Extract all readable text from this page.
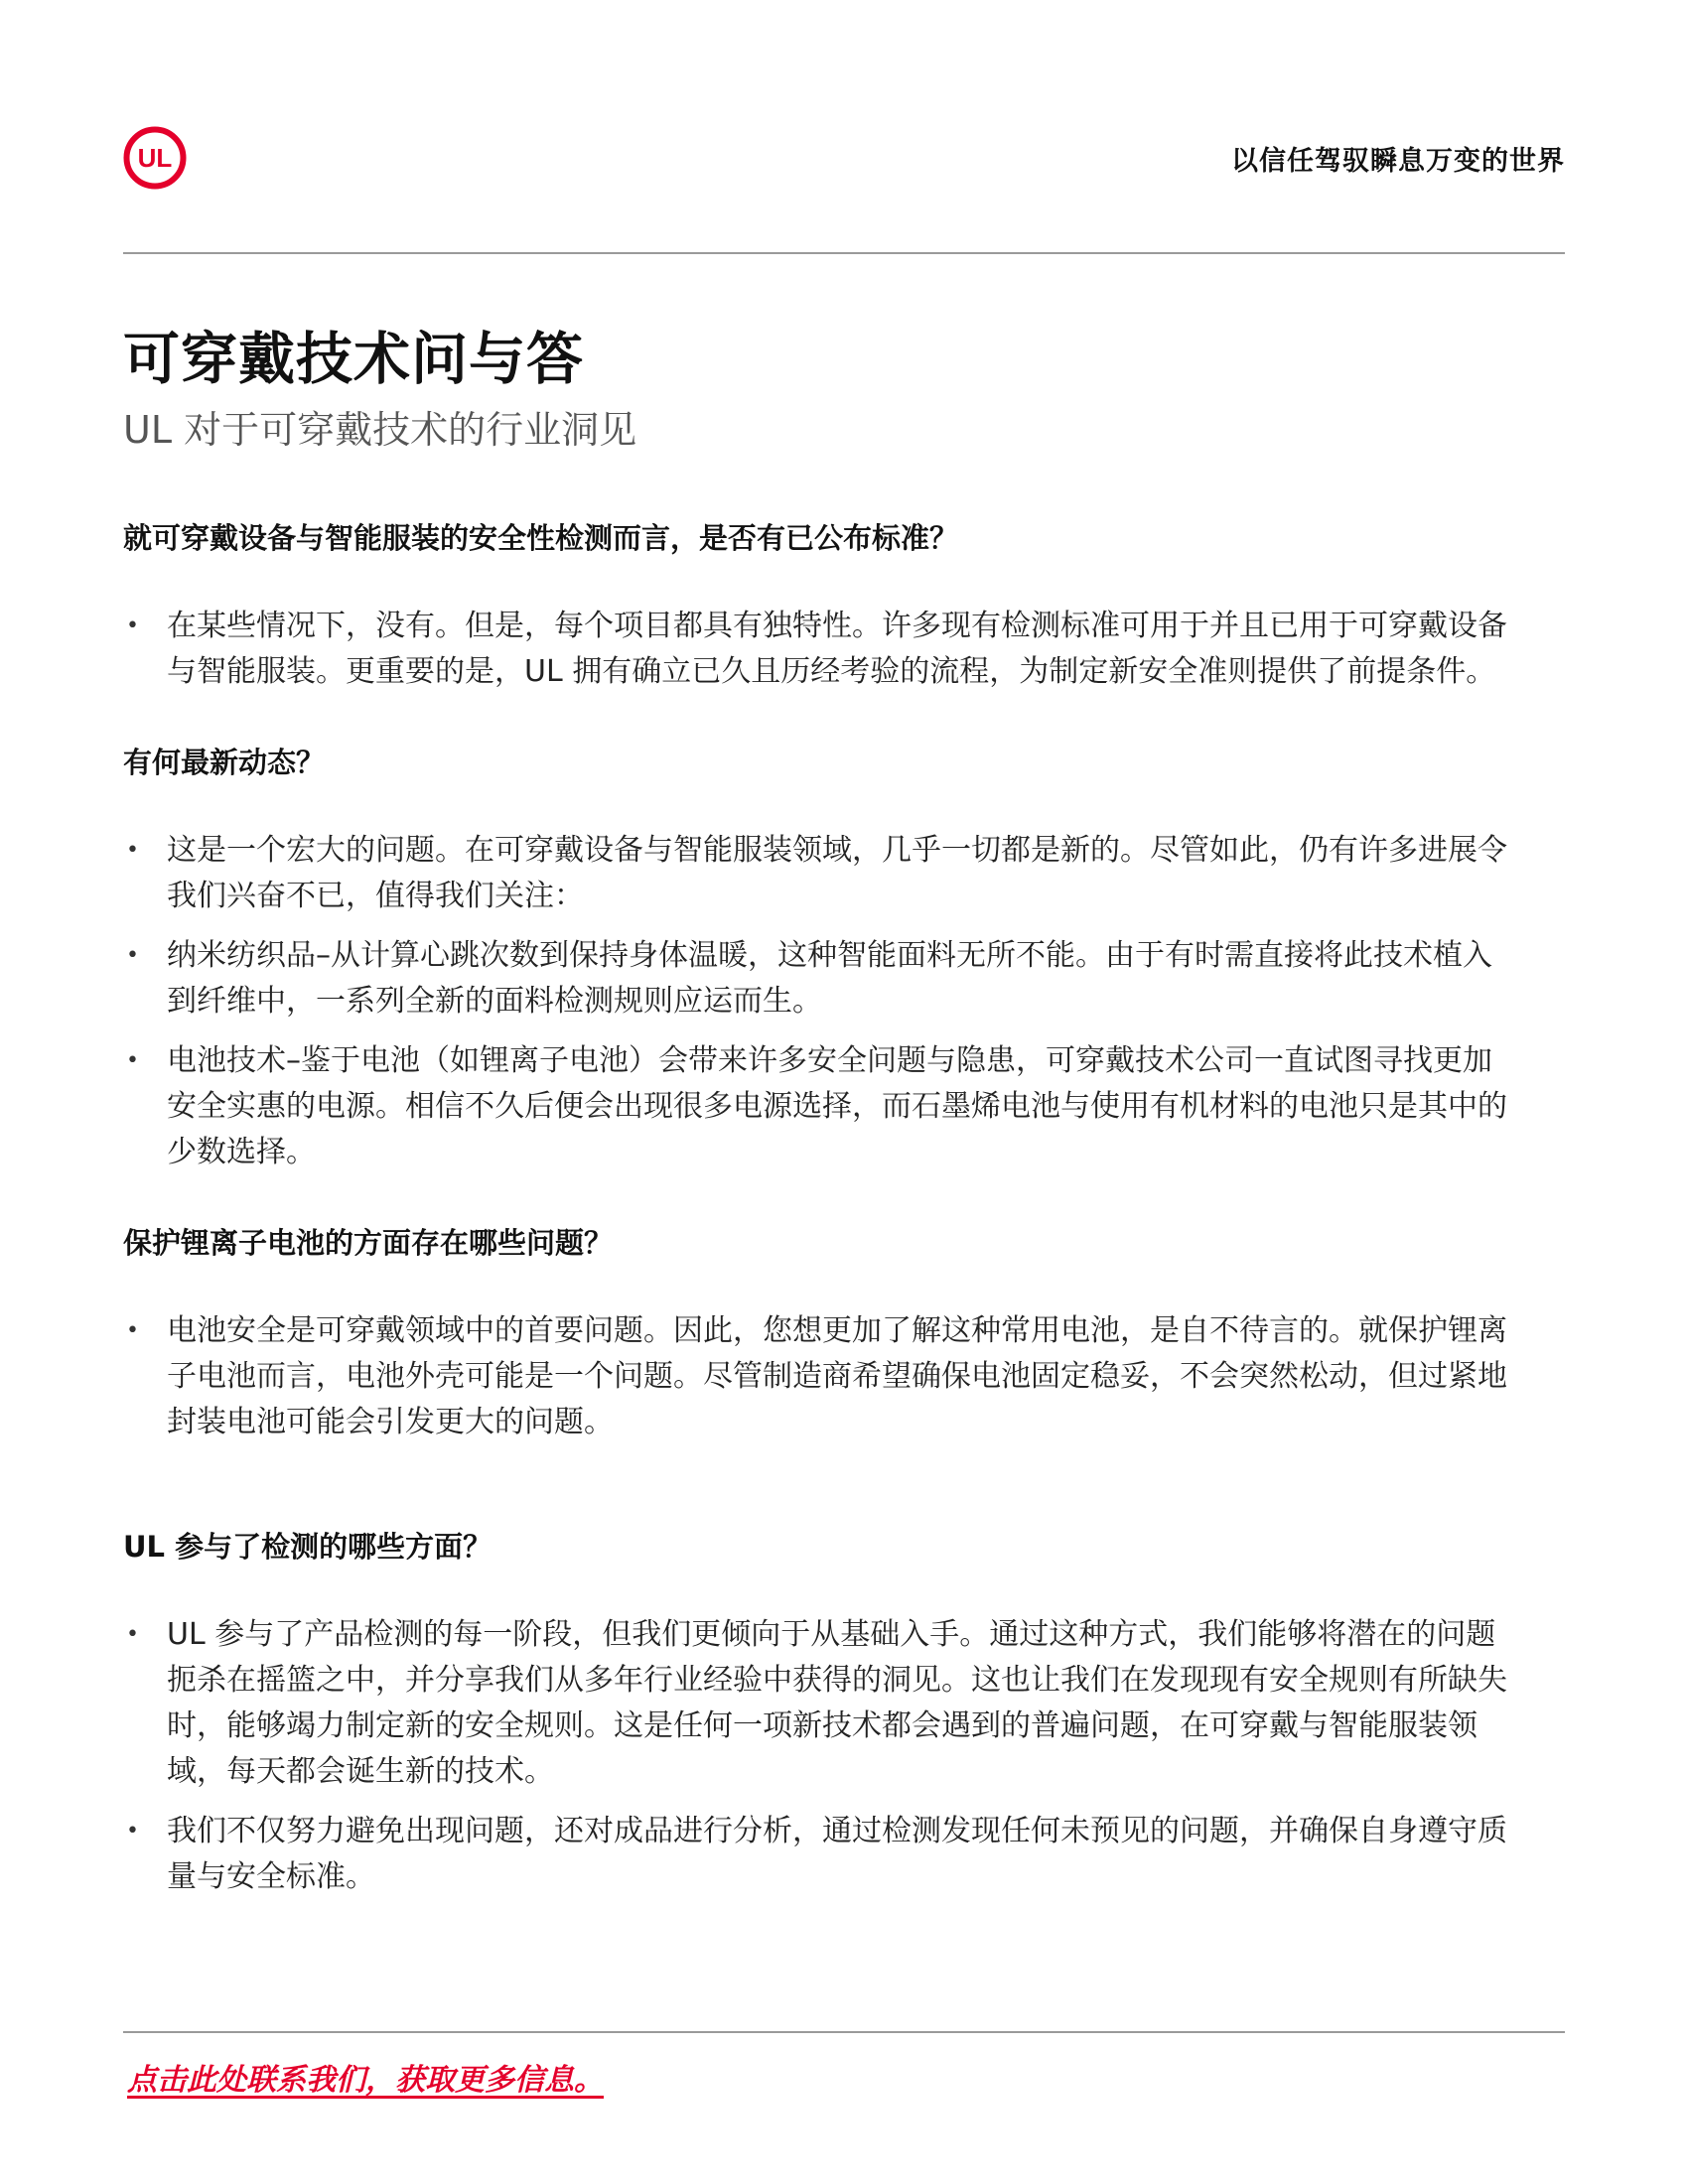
UL	以信任驾驭瞬息万变的世界
可穿戴技术问与答
UL 对于可穿戴技术的行业洞见
就可穿戴设备与智能服装的安全性检测而言，是否有已公布标准？
• 在某些情况下，没有。但是，每个项目都具有独特性。许多现有检测标准可用于并且已用于可穿戴设备与智能服装。更重要的是，UL 拥有确立已久且历经考验的流程，为制定新安全准则提供了前提条件。
有何最新动态？
• 这是一个宏大的问题。在可穿戴设备与智能服装领域，几乎一切都是新的。尽管如此，仍有许多进展令我们兴奋不已，值得我们关注：
• 纳米纺织品–从计算心跳次数到保持身体温暖，这种智能面料无所不能。由于有时需直接将此技术植入到纤维中，一系列全新的面料检测规则应运而生。
• 电池技术–鉴于电池（如锂离子电池）会带来许多安全问题与隐患，可穿戴技术公司一直试图寻找更加安全实惠的电源。相信不久后便会出现很多电源选择，而石墨烯电池与使用有机材料的电池只是其中的少数选择。
保护锂离子电池的方面存在哪些问题？
• 电池安全是可穿戴领域中的首要问题。因此，您想更加了解这种常用电池，是自不待言的。就保护锂离子电池而言，电池外壳可能是一个问题。尽管制造商希望确保电池固定稳妥，不会突然松动，但过紧地封装电池可能会引发更大的问题。
UL 参与了检测的哪些方面？
• UL 参与了产品检测的每一阶段，但我们更倾向于从基础入手。通过这种方式，我们能够将潜在的问题扼杀在摇篮之中，并分享我们从多年行业经验中获得的洞见。这也让我们在发现现有安全规则有所缺失时，能够竭力制定新的安全规则。这是任何一项新技术都会遇到的普遍问题，在可穿戴与智能服装领域，每天都会诞生新的技术。
• 我们不仅努力避免出现问题，还对成品进行分析，通过检测发现任何未预见的问题，并确保自身遵守质量与安全标准。
点击此处联系我们，获取更多信息。
